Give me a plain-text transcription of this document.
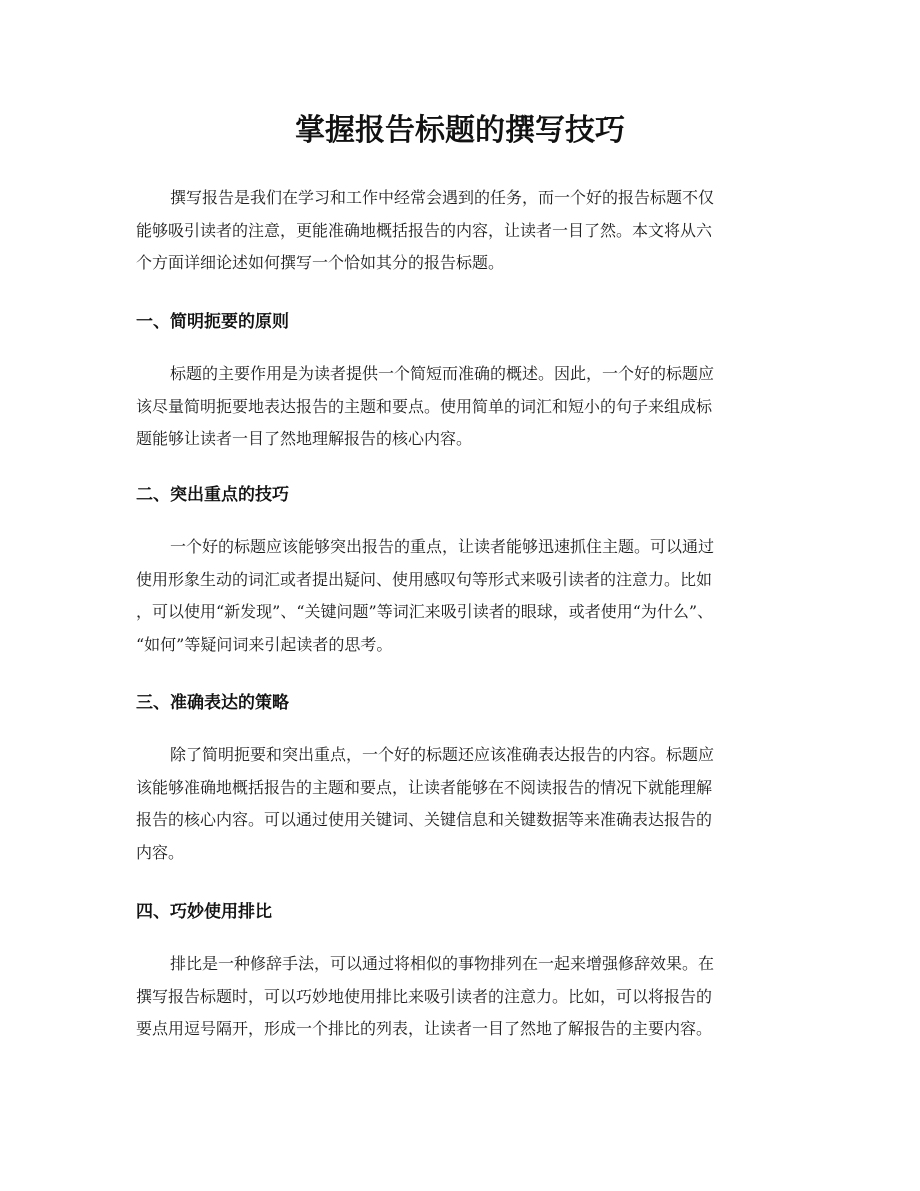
掌握报告标题的撰写技巧

撰写报告是我们在学习和工作中经常会遇到的任务，而一个好的报告标题不仅
能够吸引读者的注意，更能准确地概括报告的内容，让读者一目了然。本文将从六
个方面详细论述如何撰写一个恰如其分的报告标题。

一、简明扼要的原则

标题的主要作用是为读者提供一个简短而准确的概述。因此，一个好的标题应
该尽量简明扼要地表达报告的主题和要点。使用简单的词汇和短小的句子来组成标
题能够让读者一目了然地理解报告的核心内容。

二、突出重点的技巧

一个好的标题应该能够突出报告的重点，让读者能够迅速抓住主题。可以通过
使用形象生动的词汇或者提出疑问、使用感叹句等形式来吸引读者的注意力。比如
，可以使用“新发现”、“关键问题”等词汇来吸引读者的眼球，或者使用“为什么”、
“如何”等疑问词来引起读者的思考。

三、准确表达的策略

除了简明扼要和突出重点，一个好的标题还应该准确表达报告的内容。标题应
该能够准确地概括报告的主题和要点，让读者能够在不阅读报告的情况下就能理解
报告的核心内容。可以通过使用关键词、关键信息和关键数据等来准确表达报告的
内容。

四、巧妙使用排比

排比是一种修辞手法，可以通过将相似的事物排列在一起来增强修辞效果。在
撰写报告标题时，可以巧妙地使用排比来吸引读者的注意力。比如，可以将报告的
要点用逗号隔开，形成一个排比的列表，让读者一目了然地了解报告的主要内容。
